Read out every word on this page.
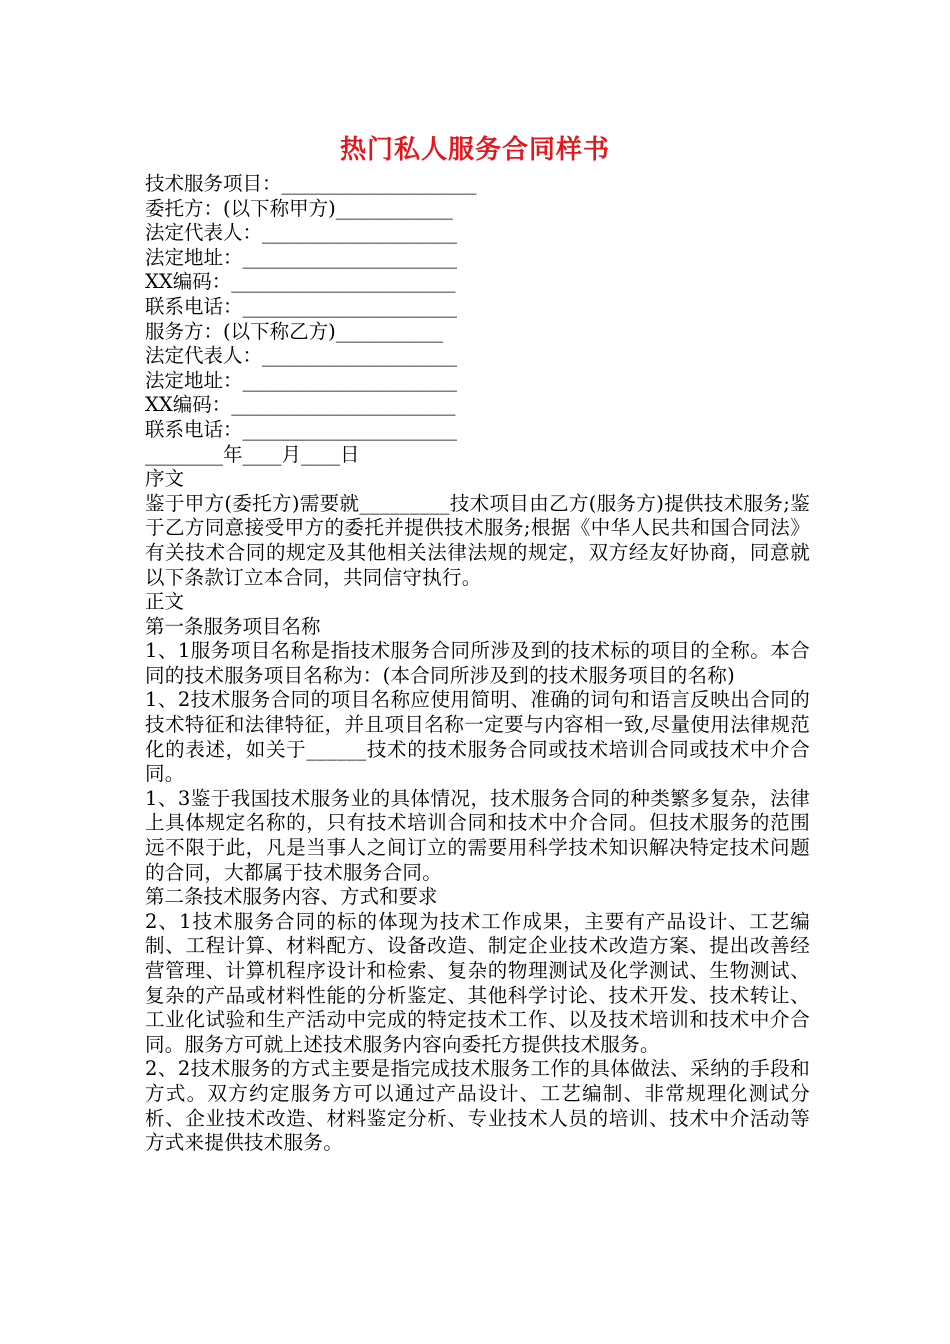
热门私人服务合同样书
技术服务项目：____________________
委托方：(以下称甲方)____________
法定代表人：____________________
法定地址：______________________
XX编码：_______________________
联系电话：______________________
服务方：(以下称乙方)___________
法定代表人：____________________
法定地址：______________________
XX编码：_______________________
联系电话：______________________
________年____月____日
序文
鉴于甲方(委托方)需要就_________技术项目由乙方(服务方)提供技术服务;鉴于乙方同意接受甲方的委托并提供技术服务;根据《中华人民共和国合同法》有关技术合同的规定及其他相关法律法规的规定，双方经友好协商，同意就以下条款订立本合同，共同信守执行。
正文
第一条服务项目名称
1、1服务项目名称是指技术服务合同所涉及到的技术标的项目的全称。本合同的技术服务项目名称为：(本合同所涉及到的技术服务项目的名称)
1、2技术服务合同的项目名称应使用简明、准确的词句和语言反映出合同的技术特征和法律特征，并且项目名称一定要与内容相一致,尽量使用法律规范化的表述，如关于______技术的技术服务合同或技术培训合同或技术中介合同。
1、3鉴于我国技术服务业的具体情况，技术服务合同的种类繁多复杂，法律上具体规定名称的，只有技术培训合同和技术中介合同。但技术服务的范围远不限于此，凡是当事人之间订立的需要用科学技术知识解决特定技术问题的合同，大都属于技术服务合同。
第二条技术服务内容、方式和要求
2、1技术服务合同的标的体现为技术工作成果，主要有产品设计、工艺编制、工程计算、材料配方、设备改造、制定企业技术改造方案、提出改善经营管理、计算机程序设计和检索、复杂的物理测试及化学测试、生物测试、复杂的产品或材料性能的分析鉴定、其他科学讨论、技术开发、技术转让、工业化试验和生产活动中完成的特定技术工作、以及技术培训和技术中介合同。服务方可就上述技术服务内容向委托方提供技术服务。
2、2技术服务的方式主要是指完成技术服务工作的具体做法、采纳的手段和方式。双方约定服务方可以通过产品设计、工艺编制、非常规理化测试分析、企业技术改造、材料鉴定分析、专业技术人员的培训、技术中介活动等方式来提供技术服务。
